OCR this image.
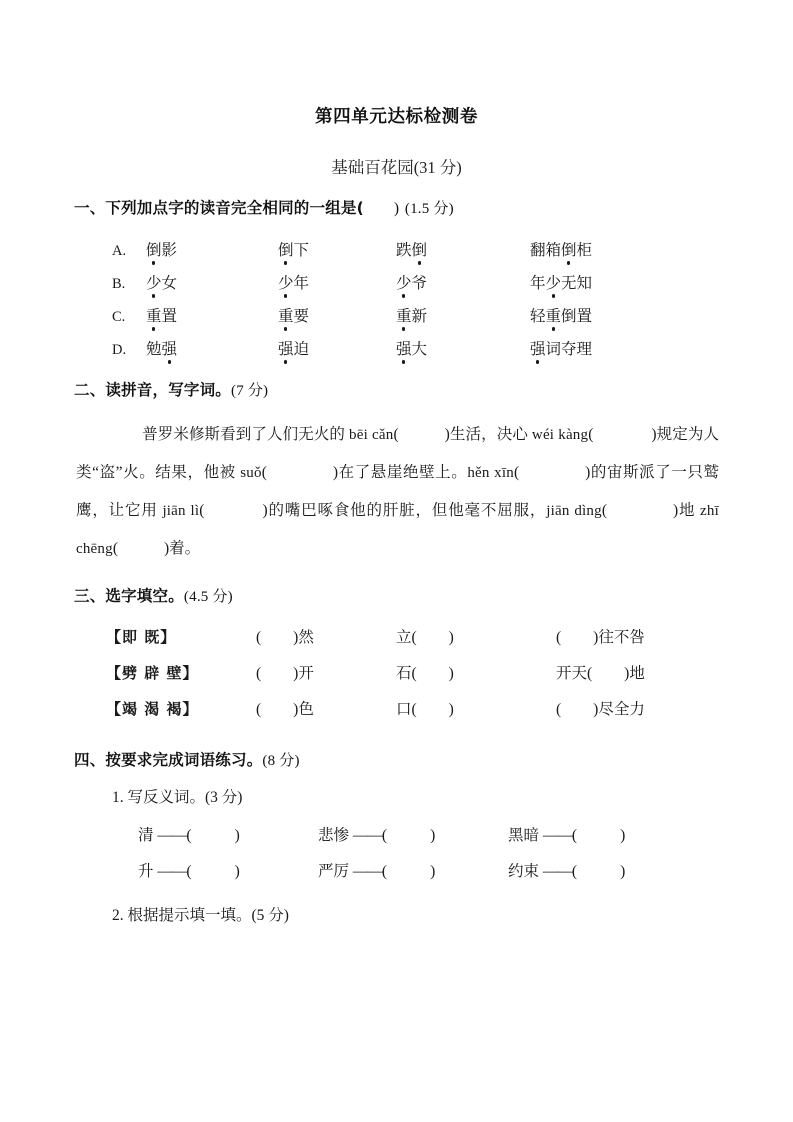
第四单元达标检测卷
基础百花园(31 分)
一、下列加点字的读音完全相同的一组是( ) (1.5 分)
A.	倒影	倒下	跌倒	翻箱倒柜
B.	少女	少年	少爷	年少无知
C.	重置	重要	重新	轻重倒置
D.	勉强	强迫	强大	强词夺理
二、读拼音，写字词。(7 分)

普罗米修斯看到了人们无火的 bēi cǎn(	)生活，决心 wéi kàng(	)规定为人类“盗”火。结果，他被 suǒ(	)在了悬崖绝壁上。hěn xīn(	)的宙斯派了一只鹫鹰，让它用 jiān lì(	)的嘴巴啄食他的肝脏，但他毫不屈服，jiān dìng(	)地 zhī chēng(	)着。

三、选字填空。(4.5 分)
【即 既】	( )然	立( )	( )往不咎
【劈 辟 壁】	( )开	石( )	开天( )地
【竭 渴 褐】	( )色	口( )	( )尽全力
四、按要求完成词语练习。(8 分)
1. 写反义词。(3 分)
清 ——( )	悲惨 ——( )	黑暗 ——( )
升 ——( )	严厉 ——( )	约束 ——( )
2. 根据提示填一填。(5 分)
